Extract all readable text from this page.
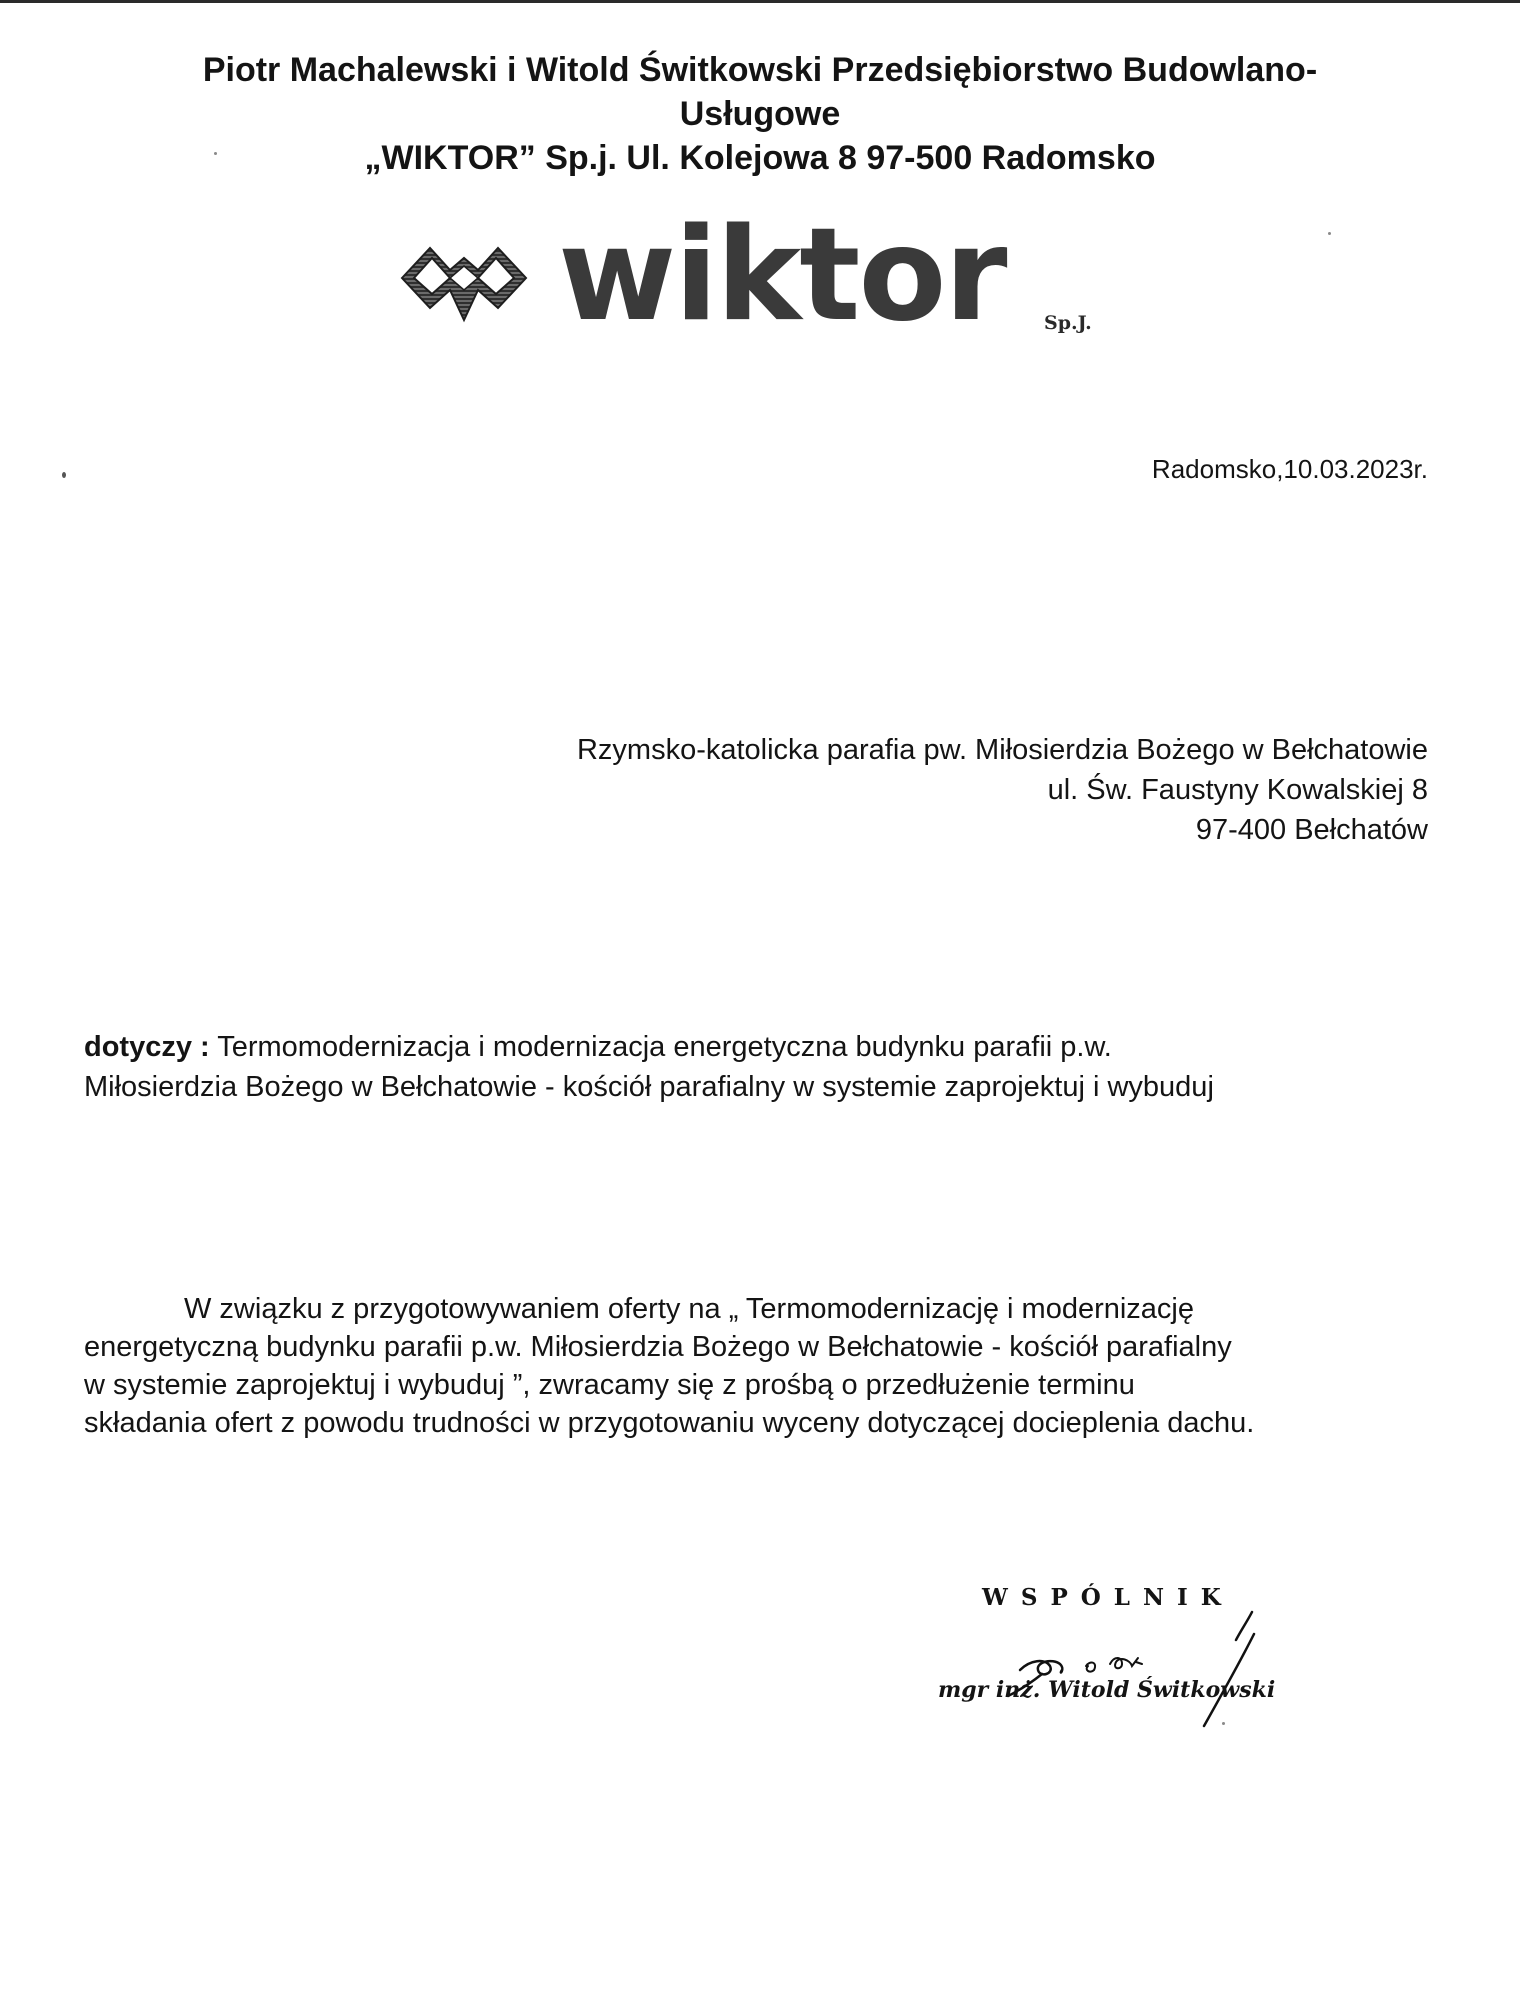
Piotr Machalewski i Witold Świtkowski Przedsiębiorstwo Budowlano-
Usługowe
„WIKTOR” Sp.j. Ul. Kolejowa 8 97-500 Radomsko
wiktor Sp.J.
Radomsko,10.03.2023r.
Rzymsko-katolicka parafia pw. Miłosierdzia Bożego w Bełchatowie
ul. Św. Faustyny Kowalskiej 8
97-400 Bełchatów
dotyczy : Termomodernizacja i modernizacja energetyczna budynku parafii p.w.
Miłosierdzia Bożego w Bełchatowie - kościół parafialny w systemie zaprojektuj i wybuduj
W związku z przygotowywaniem oferty na „ Termomodernizację i modernizację
energetyczną budynku parafii p.w. Miłosierdzia Bożego w Bełchatowie - kościół parafialny
w systemie zaprojektuj i wybuduj ”, zwracamy się z prośbą o przedłużenie terminu
składania ofert z powodu trudności w przygotowaniu wyceny dotyczącej docieplenia dachu.
WSPÓLNIK
mgr inż. Witold Świtkowski
